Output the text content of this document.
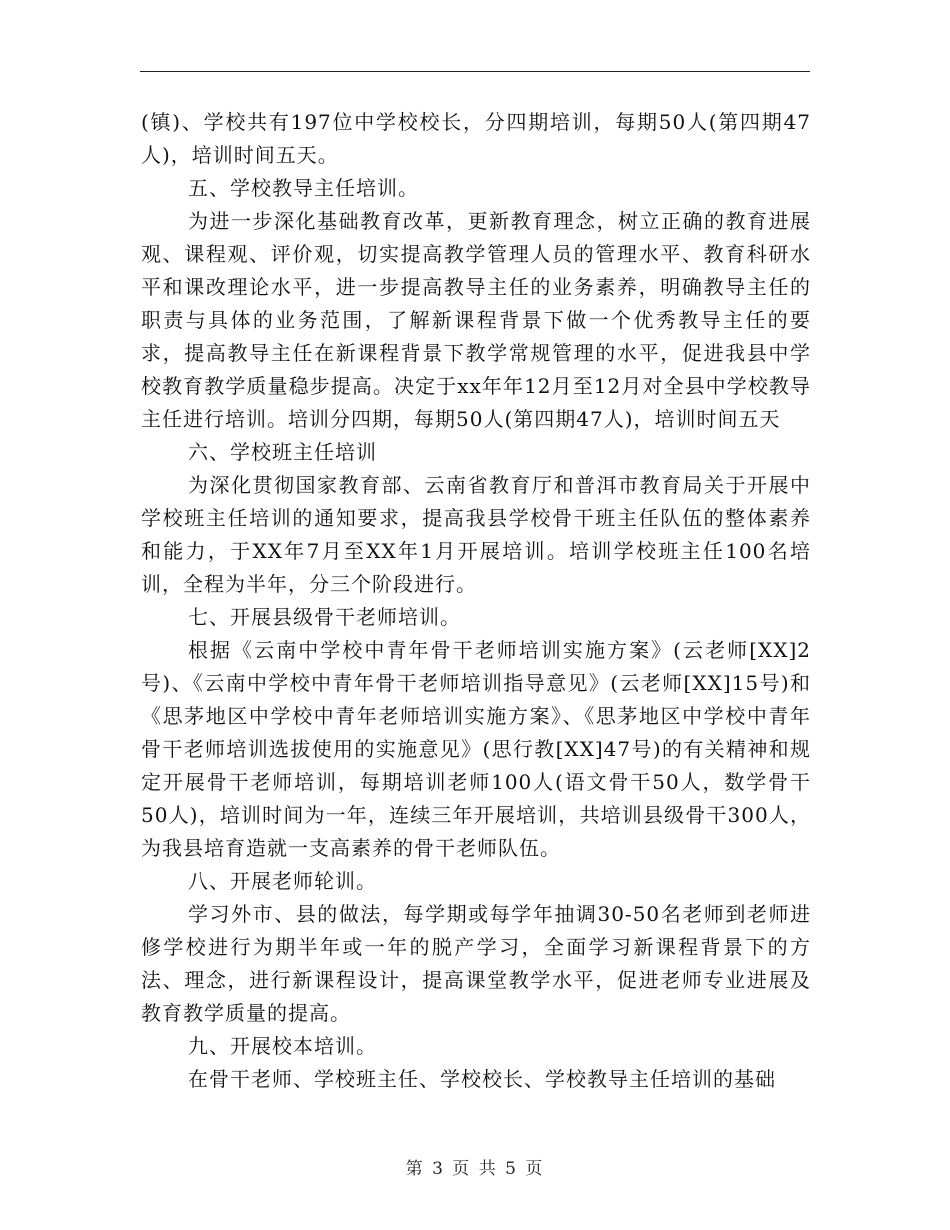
(镇)、学校共有197位中学校校长，分四期培训，每期50人(第四期47人)，培训时间五天。

五、学校教导主任培训。

为进一步深化基础教育改革，更新教育理念，树立正确的教育进展观、课程观、评价观，切实提高教学管理人员的管理水平、教育科研水平和课改理论水平，进一步提高教导主任的业务素养，明确教导主任的职责与具体的业务范围，了解新课程背景下做一个优秀教导主任的要求，提高教导主任在新课程背景下教学常规管理的水平，促进我县中学校教育教学质量稳步提高。决定于xx年年12月至12月对全县中学校教导主任进行培训。培训分四期，每期50人(第四期47人)，培训时间五天

六、学校班主任培训

为深化贯彻国家教育部、云南省教育厅和普洱市教育局关于开展中学校班主任培训的通知要求，提高我县学校骨干班主任队伍的整体素养和能力，于XX年7月至XX年1月开展培训。培训学校班主任100名培训，全程为半年，分三个阶段进行。

七、开展县级骨干老师培训。

根据《云南中学校中青年骨干老师培训实施方案》(云老师[XX]2号)、《云南中学校中青年骨干老师培训指导意见》(云老师[XX]15号)和《思茅地区中学校中青年老师培训实施方案》、《思茅地区中学校中青年骨干老师培训选拔使用的实施意见》(思行教[XX]47号)的有关精神和规定开展骨干老师培训，每期培训老师100人(语文骨干50人，数学骨干50人)，培训时间为一年，连续三年开展培训，共培训县级骨干300人，为我县培育造就一支高素养的骨干老师队伍。

八、开展老师轮训。

学习外市、县的做法，每学期或每学年抽调30-50名老师到老师进修学校进行为期半年或一年的脱产学习，全面学习新课程背景下的方法、理念，进行新课程设计，提高课堂教学水平，促进老师专业进展及教育教学质量的提高。

九、开展校本培训。

在骨干老师、学校班主任、学校校长、学校教导主任培训的基础

第 3 页 共 5 页
